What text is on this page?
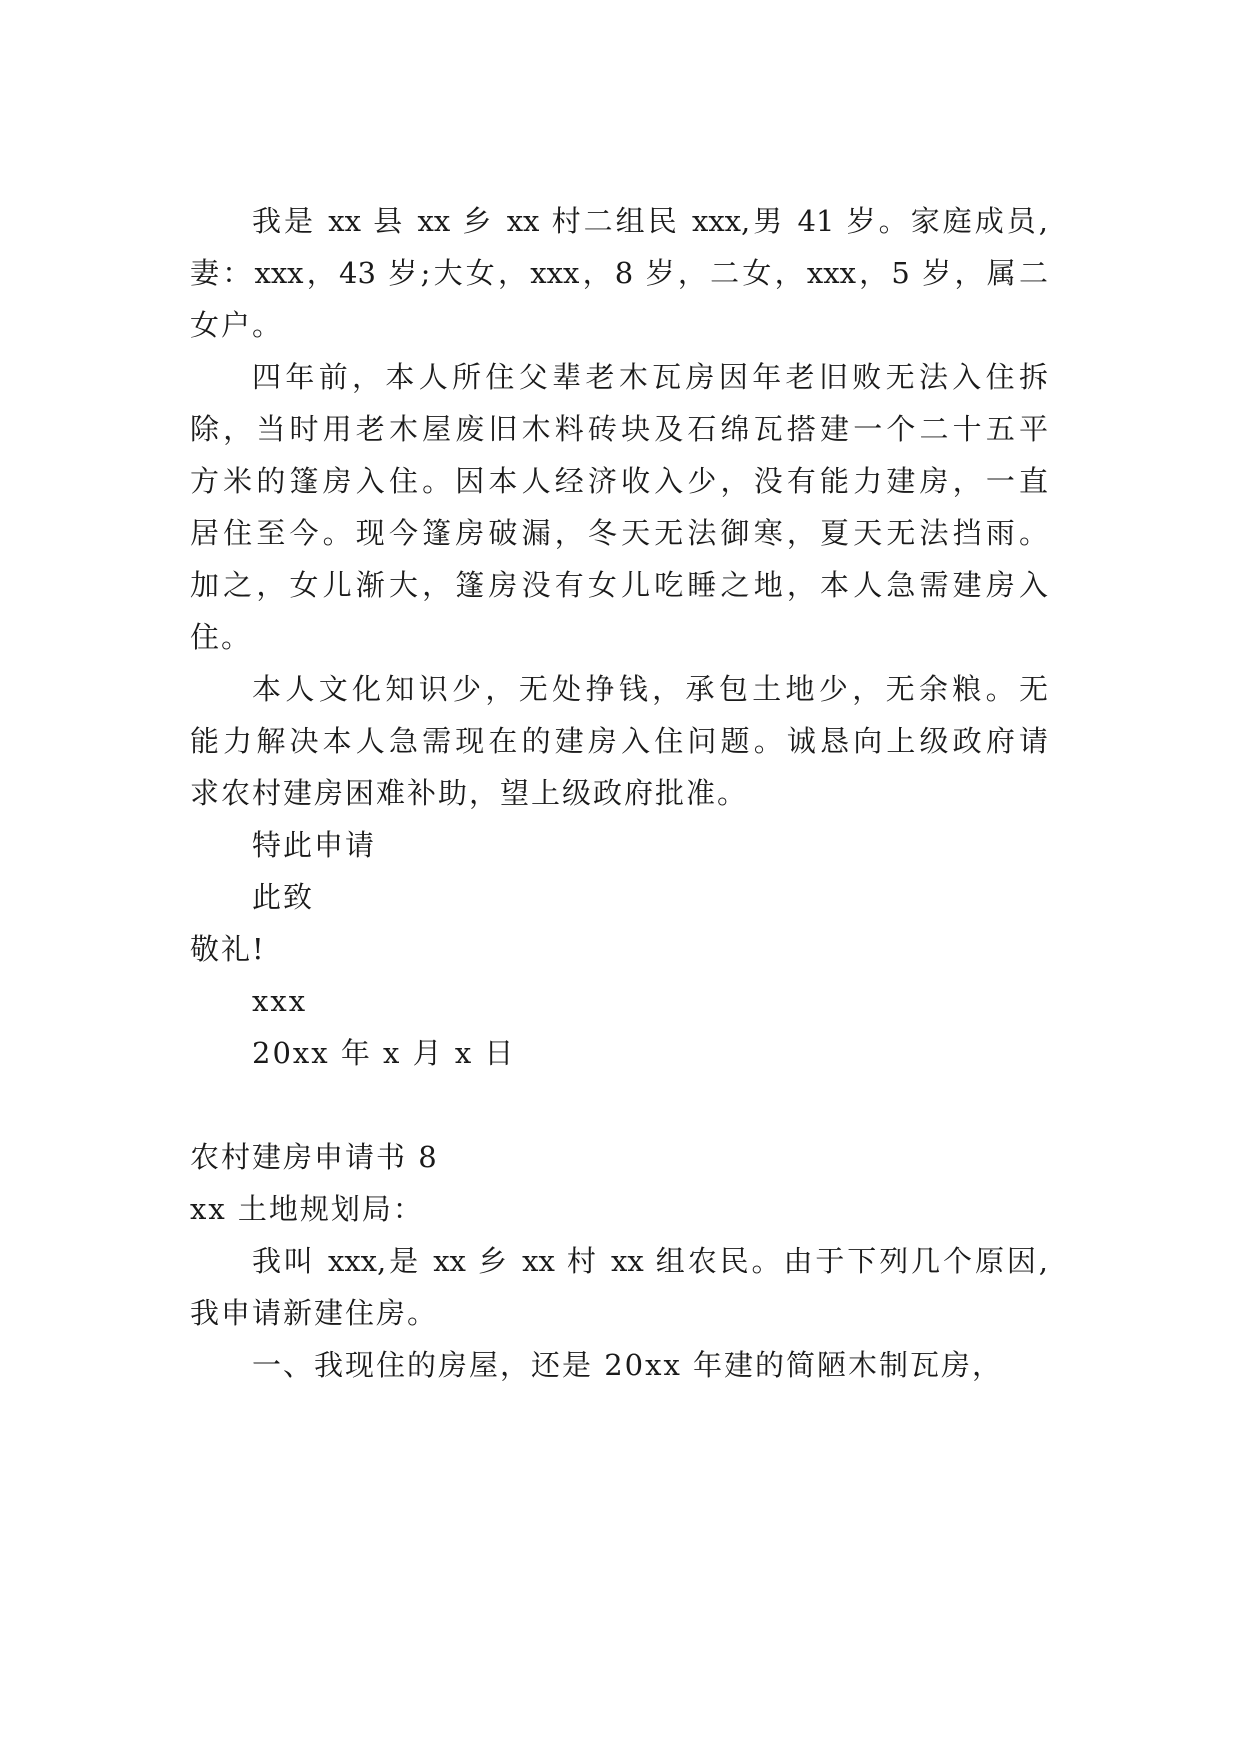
我是 xx 县 xx 乡 xx 村二组民 xxx,男 41 岁。家庭成员,
妻：xxx，43 岁;大女，xxx，8 岁，二女，xxx，5 岁，属二
女户。
四年前，本人所住父辈老木瓦房因年老旧败无法入住拆
除，当时用老木屋废旧木料砖块及石绵瓦搭建一个二十五平
方米的篷房入住。因本人经济收入少，没有能力建房，一直
居住至今。现今篷房破漏，冬天无法御寒，夏天无法挡雨。
加之，女儿渐大，篷房没有女儿吃睡之地，本人急需建房入
住。
本人文化知识少，无处挣钱，承包土地少，无余粮。无
能力解决本人急需现在的建房入住问题。诚恳向上级政府请
求农村建房困难补助，望上级政府批准。
特此申请
此致
敬礼!
xxx
20xx 年 x 月 x 日
农村建房申请书 8
xx 土地规划局：
我叫 xxx,是 xx 乡 xx 村 xx 组农民。由于下列几个原因,
我申请新建住房。
一、我现住的房屋，还是 20xx 年建的简陋木制瓦房，
